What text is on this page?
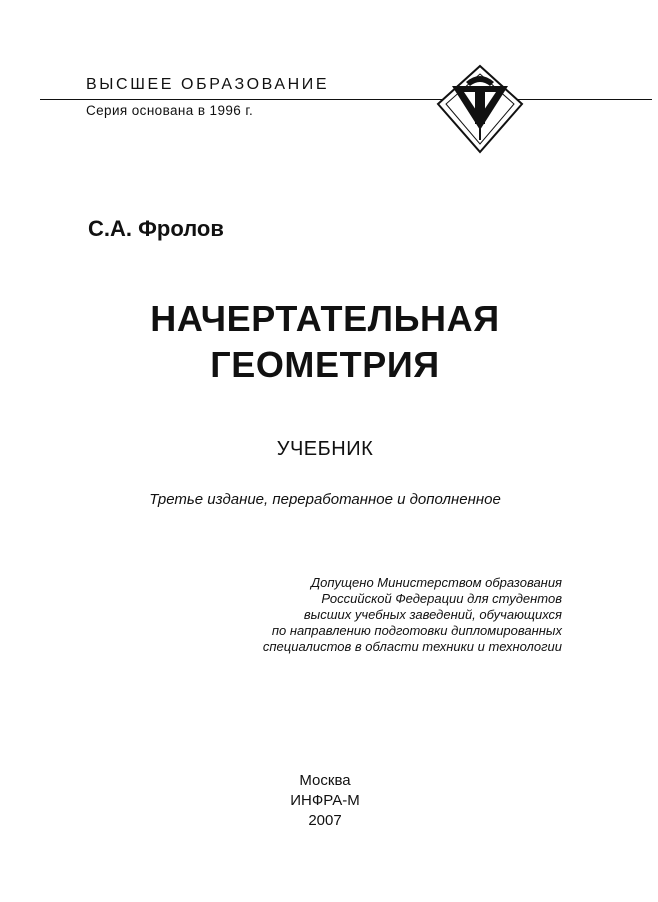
ВЫСШЕЕ ОБРАЗОВАНИЕ
Серия основана в 1996 г.
С.А. Фролов
НАЧЕРТАТЕЛЬНАЯ
ГЕОМЕТРИЯ
УЧЕБНИК
Третье издание, переработанное и дополненное
Допущено Министерством образования
Российской Федерации для студентов
высших учебных заведений, обучающихся
по направлению подготовки дипломированных
специалистов в области техники и технологии
Москва
ИНФРА-М
2007
